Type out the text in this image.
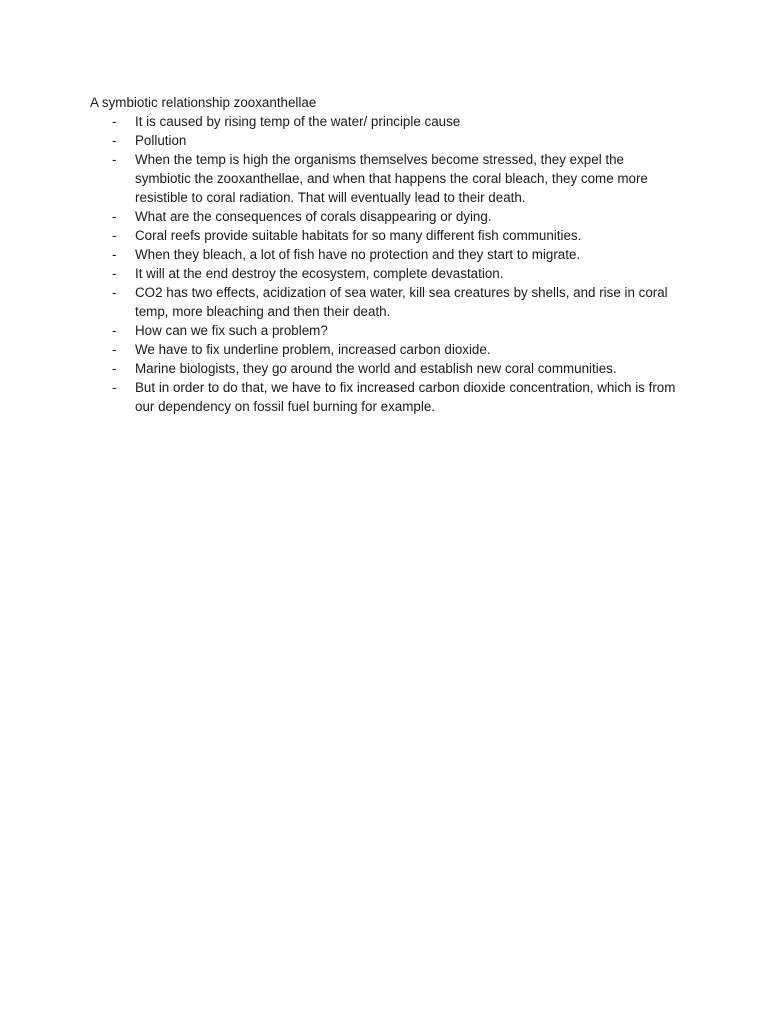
A symbiotic relationship zooxanthellae

- It is caused by rising temp of the water/ principle cause
- Pollution
- When the temp is high the organisms themselves become stressed, they expel the symbiotic the zooxanthellae, and when that happens the coral bleach, they come more resistible to coral radiation. That will eventually lead to their death.
- What are the consequences of corals disappearing or dying.
- Coral reefs provide suitable habitats for so many different fish communities.
- When they bleach, a lot of fish have no protection and they start to migrate.
- It will at the end destroy the ecosystem, complete devastation.
- CO2 has two effects, acidization of sea water, kill sea creatures by shells, and rise in coral temp, more bleaching and then their death.
- How can we fix such a problem?
- We have to fix underline problem, increased carbon dioxide.
- Marine biologists, they go around the world and establish new coral communities.
- But in order to do that, we have to fix increased carbon dioxide concentration, which is from our dependency on fossil fuel burning for example.
